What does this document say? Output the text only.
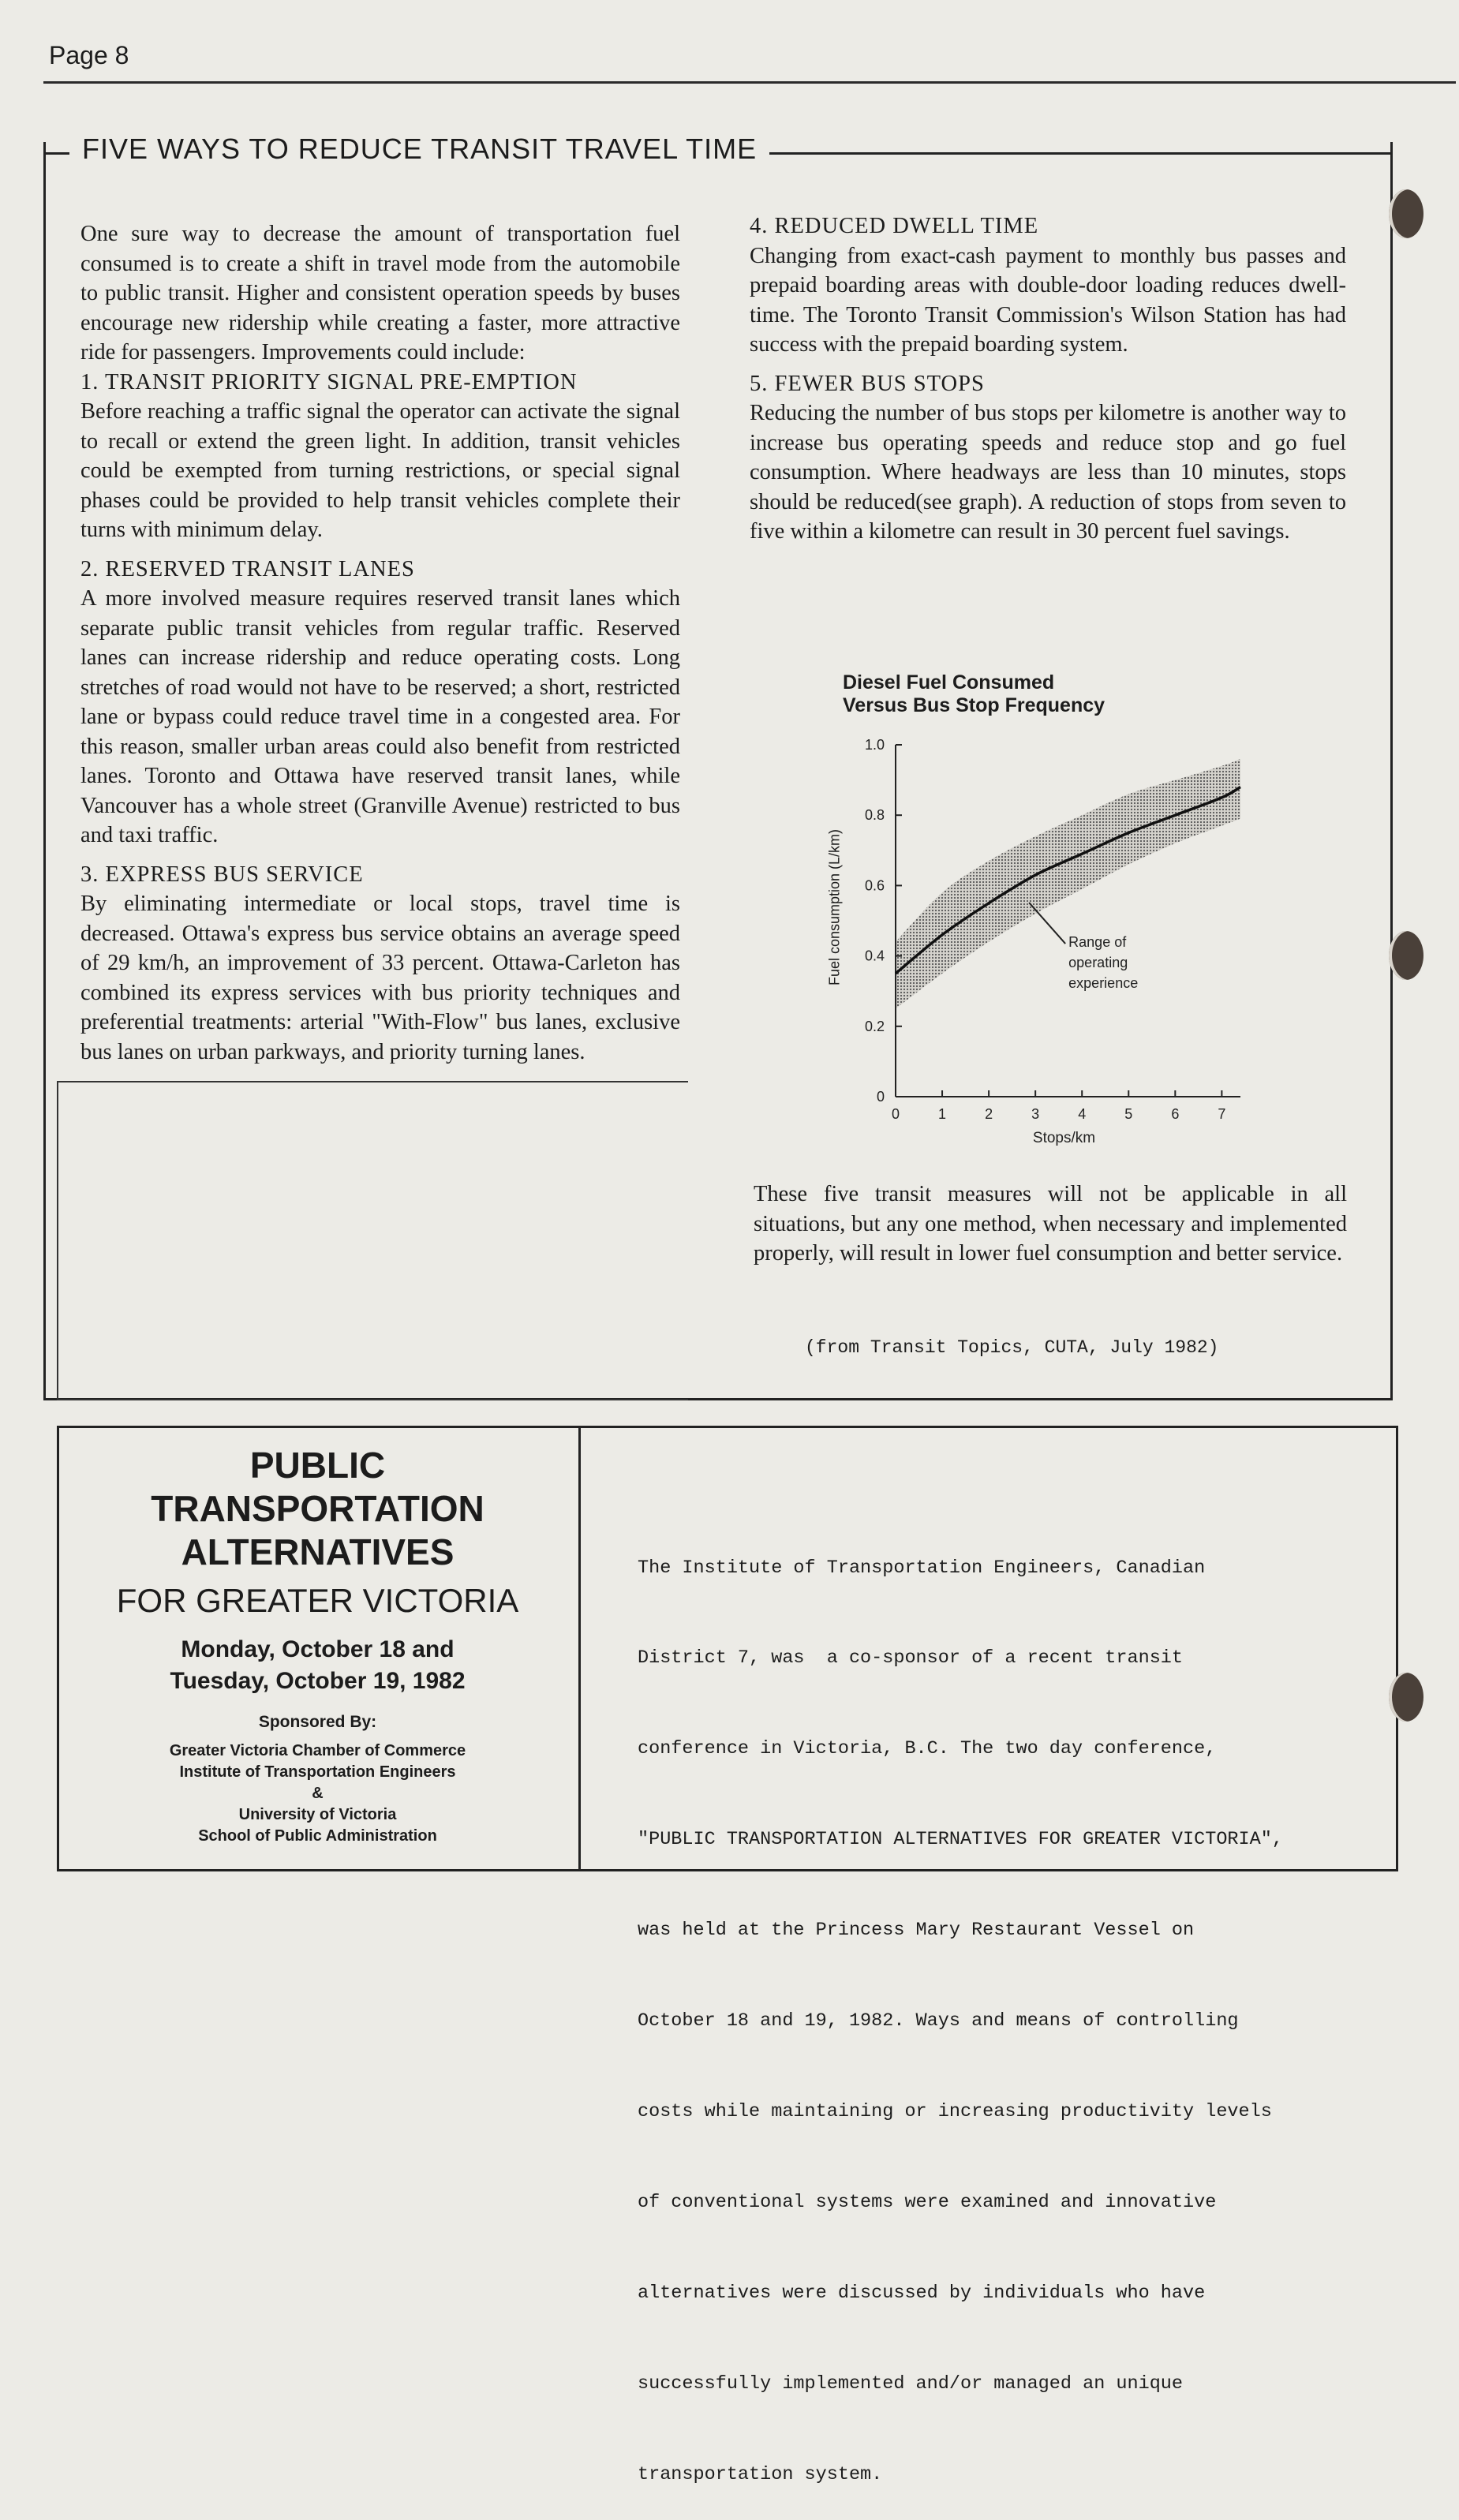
Page 8
FIVE WAYS TO REDUCE TRANSIT TRAVEL TIME

One sure way to decrease the amount of transportation fuel consumed is to create a shift in travel mode from the automobile to public transit. Higher and consistent operation speeds by buses encourage new ridership while creating a faster, more attractive ride for passengers. Improvements could include:

1. TRANSIT PRIORITY SIGNAL PRE-EMPTION

Before reaching a traffic signal the operator can activate the signal to recall or extend the green light. In addition, transit vehicles could be exempted from turning restrictions, or special signal phases could be provided to help transit vehicles complete their turns with minimum delay.

2. RESERVED TRANSIT LANES

A more involved measure requires reserved transit lanes which separate public transit vehicles from regular traffic. Reserved lanes can increase ridership and reduce operating costs. Long stretches of road would not have to be reserved; a short, restricted lane or bypass could reduce travel time in a congested area. For this reason, smaller urban areas could also benefit from restricted lanes. Toronto and Ottawa have reserved transit lanes, while Vancouver has a whole street (Granville Avenue) restricted to bus and taxi traffic.

3. EXPRESS BUS SERVICE

By eliminating intermediate or local stops, travel time is decreased. Ottawa's express bus service obtains an average speed of 29 km/h, an improvement of 33 percent. Ottawa-Carleton has combined its express services with bus priority techniques and preferential treatments: arterial "With-Flow" bus lanes, exclusive bus lanes on urban parkways, and priority turning lanes.

4. REDUCED DWELL TIME

Changing from exact-cash payment to monthly bus passes and prepaid boarding areas with double-door loading reduces dwell-time. The Toronto Transit Commission's Wilson Station has had success with the prepaid boarding system.

5. FEWER BUS STOPS

Reducing the number of bus stops per kilometre is another way to increase bus operating speeds and reduce stop and go fuel consumption. Where headways are less than 10 minutes, stops should be reduced(see graph). A reduction of stops from seven to five within a kilometre can result in 30 percent fuel savings.

Diesel Fuel Consumed
Versus Bus Stop Frequency
Fuel consumption (L/km)
0	1	2	3	4	5	6	7
0
0.2
0.4
0.6
0.8
1.0
Stops/km
Range of
operating
experience
These five transit measures will not be applicable in all situations, but any one method, when necessary and implemented properly, will result in lower fuel consumption and better service.
(from Transit Topics, CUTA, July 1982)
PUBLIC
TRANSPORTATION
ALTERNATIVES
FOR GREATER VICTORIA
Monday, October 18 and
Tuesday, October 19, 1982
Sponsored By:
Greater Victoria Chamber of Commerce
Institute of Transportation Engineers
&
University of Victoria
School of Public Administration

The Institute of Transportation Engineers, Canadian

District 7, was  a co-sponsor of a recent transit

conference in Victoria, B.C. The two day conference,

"PUBLIC TRANSPORTATION ALTERNATIVES FOR GREATER VICTORIA",

was held at the Princess Mary Restaurant Vessel on

October 18 and 19, 1982. Ways and means of controlling

costs while maintaining or increasing productivity levels

of conventional systems were examined and innovative

alternatives were discussed by individuals who have

successfully implemented and/or managed an unique

transportation system.
